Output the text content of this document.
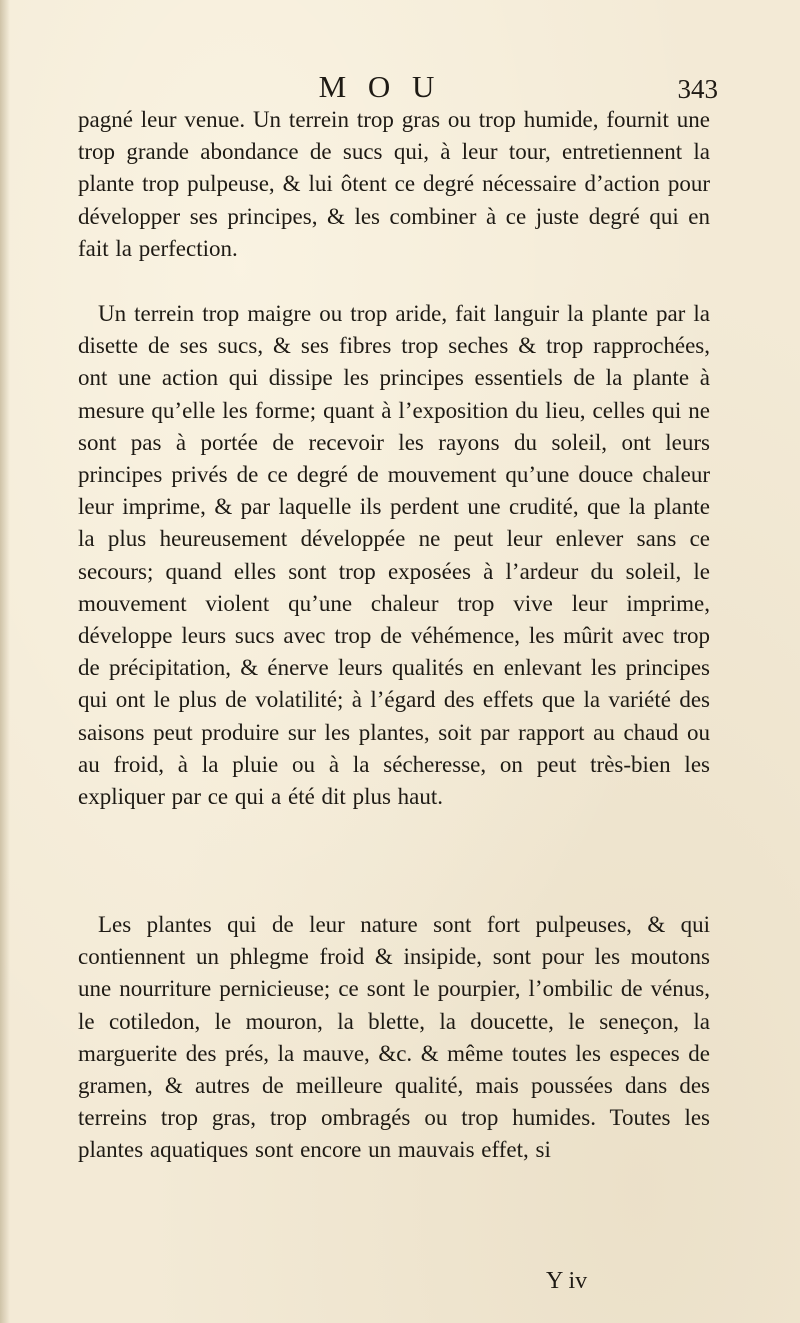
M O U	343

pagné leur venue. Un terrein trop gras ou trop humide, fournit une trop grande abondance de sucs qui, à leur tour, entretiennent la plante trop pulpeuse, & lui ôtent ce degré nécessaire d’action pour développer ses principes, & les combiner à ce juste degré qui en fait la perfection.

Un terrein trop maigre ou trop aride, fait languir la plante par la disette de ses sucs, & ses fibres trop seches & trop rapprochées, ont une action qui dissipe les principes essentiels de la plante à mesure qu’elle les forme; quant à l’exposition du lieu, celles qui ne sont pas à portée de recevoir les rayons du soleil, ont leurs principes privés de ce degré de mouvement qu’une douce chaleur leur imprime, & par laquelle ils perdent une crudité, que la plante la plus heureusement développée ne peut leur enlever sans ce secours; quand elles sont trop exposées à l’ardeur du soleil, le mouvement violent qu’une chaleur trop vive leur imprime, développe leurs sucs avec trop de véhémence, les mûrit avec trop de précipitation, & énerve leurs qualités en enlevant les principes qui ont le plus de volatilité; à l’égard des effets que la variété des saisons peut produire sur les plantes, soit par rapport au chaud ou au froid, à la pluie ou à la sécheresse, on peut très-bien les expliquer par ce qui a été dit plus haut.

Les plantes qui de leur nature sont fort pulpeuses, & qui contiennent un phlegme froid & insipide, sont pour les moutons une nourriture pernicieuse; ce sont le pourpier, l’ombilic de vénus, le cotiledon, le mouron, la blette, la doucette, le seneçon, la marguerite des prés, la mauve, &c. & même toutes les especes de gramen, & autres de meilleure qualité, mais poussées dans des terreins trop gras, trop ombragés ou trop humides. Toutes les plantes aquatiques sont encore un mauvais effet, si

Y iv
